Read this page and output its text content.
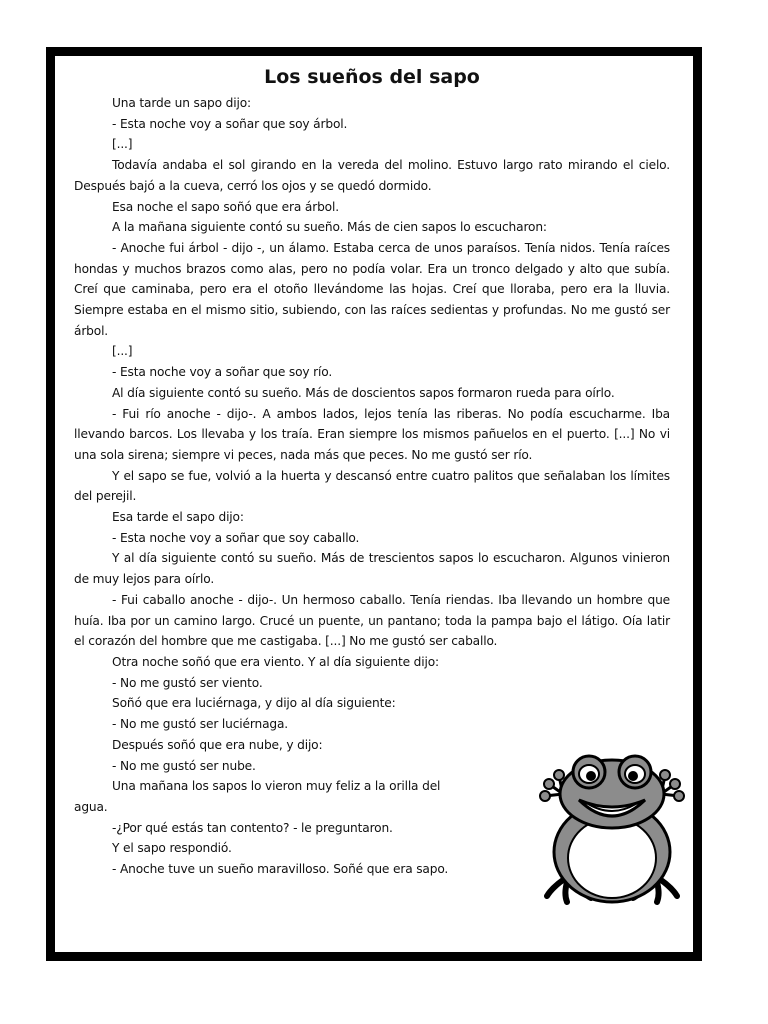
Los sueños del sapo

Una tarde un sapo dijo:

- Esta noche voy a soñar que soy árbol.

[...]

Todavía andaba el sol girando en la vereda del molino. Estuvo largo rato mirando el cielo. Después bajó a la cueva, cerró los ojos y se quedó dormido.

Esa noche el sapo soñó que era árbol.

A la mañana siguiente contó su sueño. Más de cien sapos lo escucharon:

- Anoche fui árbol - dijo -, un álamo. Estaba cerca de unos paraísos. Tenía nidos. Tenía raíces hondas y muchos brazos como alas, pero no podía volar. Era un tronco delgado y alto que subía. Creí que caminaba, pero era el otoño llevándome las hojas. Creí que lloraba, pero era la lluvia. Siempre estaba en el mismo sitio, subiendo, con las raíces sedientas y profundas. No me gustó ser árbol.

[...]

- Esta noche voy a soñar que soy río.

Al día siguiente contó su sueño. Más de doscientos sapos formaron rueda para oírlo.

- Fui río anoche - dijo-. A ambos lados, lejos tenía las riberas. No podía escucharme. Iba llevando barcos. Los llevaba y los traía. Eran siempre los mismos pañuelos en el puerto. [...] No vi una sola sirena; siempre vi peces, nada más que peces. No me gustó ser río.

Y el sapo se fue, volvió a la huerta y descansó entre cuatro palitos que señalaban los límites del perejil.

Esa tarde el sapo dijo:

- Esta noche voy a soñar que soy caballo.

Y al día siguiente contó su sueño. Más de trescientos sapos lo escucharon. Algunos vinieron de muy lejos para oírlo.

- Fui caballo anoche - dijo-. Un hermoso caballo. Tenía riendas. Iba llevando un hombre que huía. Iba por un camino largo. Crucé un puente, un pantano; toda la pampa bajo el látigo. Oía latir el corazón del hombre que me castigaba. [...] No me gustó ser caballo.

Otra noche soñó que era viento. Y al día siguiente dijo:

- No me gustó ser viento.

Soñó que era luciérnaga, y dijo al día siguiente:

- No me gustó ser luciérnaga.

Después soñó que era nube, y dijo:

- No me gustó ser nube.

Una mañana los sapos lo vieron muy feliz a la orilla del agua.

-¿Por qué estás tan contento? - le preguntaron.

Y el sapo respondió.

- Anoche tuve un sueño maravilloso. Soñé que era sapo.
